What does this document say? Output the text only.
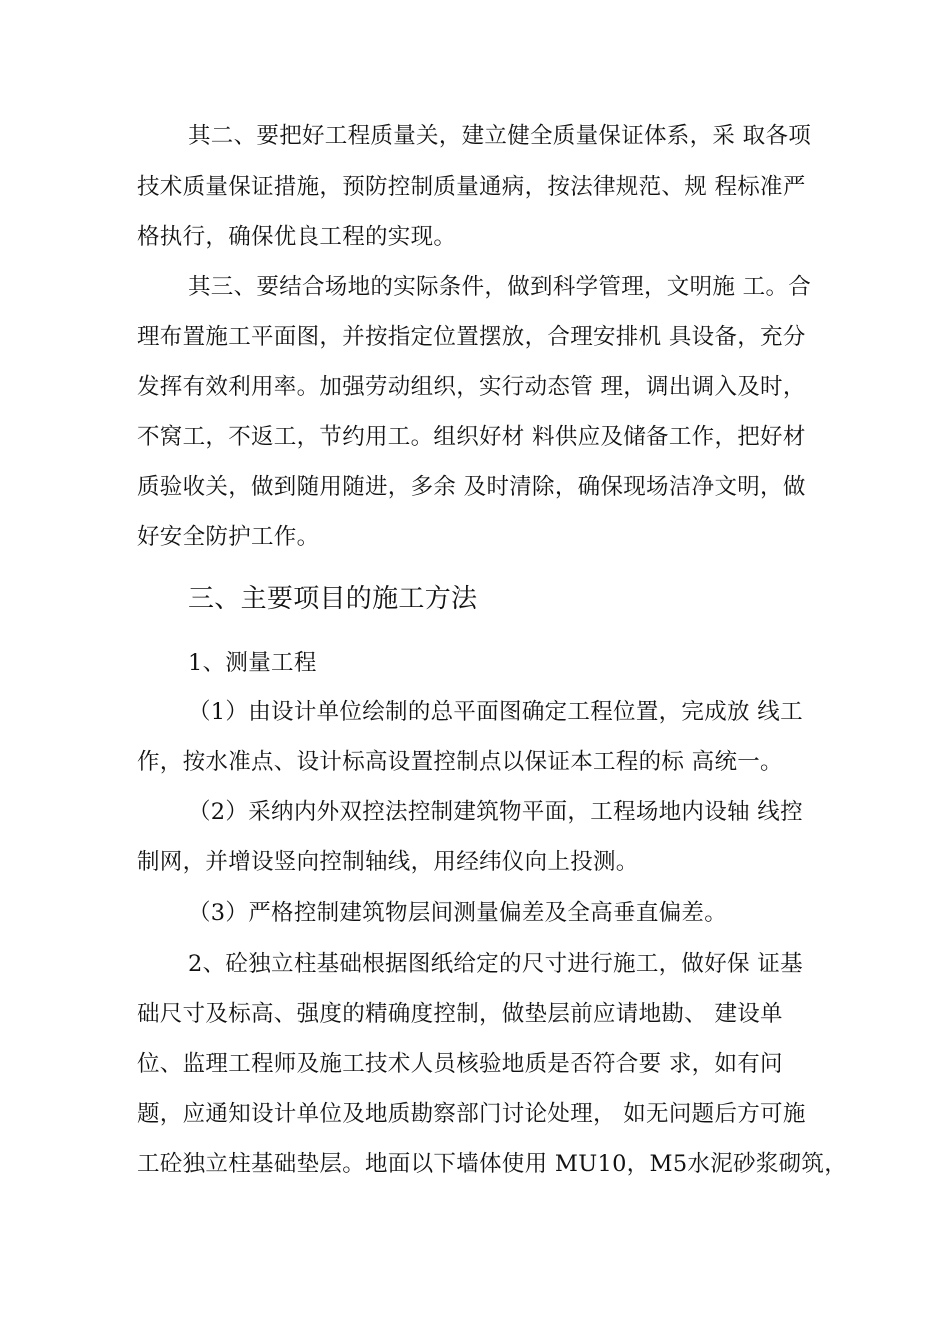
其二、要把好工程质量关，建立健全质量保证体系，采 取各项
技术质量保证措施，预防控制质量通病，按法律规范、规 程标准严
格执行，确保优良工程的实现。
其三、要结合场地的实际条件，做到科学管理，文明施 工。合
理布置施工平面图，并按指定位置摆放，合理安排机 具设备，充分
发挥有效利用率。加强劳动组织，实行动态管 理，调出调入及时，
不窝工，不返工，节约用工。组织好材 料供应及储备工作，把好材
质验收关，做到随用随进，多余 及时清除，确保现场洁净文明，做
好安全防护工作。
三、主要项目的施工方法
1、测量工程
（1）由设计单位绘制的总平面图确定工程位置，完成放 线工
作，按水准点、设计标高设置控制点以保证本工程的标 高统一。
（2）采纳内外双控法控制建筑物平面，工程场地内设轴 线控
制网，并增设竖向控制轴线，用经纬仪向上投测。
（3）严格控制建筑物层间测量偏差及全高垂直偏差。
2、砼独立柱基础根据图纸给定的尺寸进行施工，做好保 证基
础尺寸及标高、强度的精确度控制，做垫层前应请地勘、 建设单
位、监理工程师及施工技术人员核验地质是否符合要 求，如有问
题，应通知设计单位及地质勘察部门讨论处理， 如无问题后方可施
工砼独立柱基础垫层。地面以下墙体使用 MU10，M5水泥砂浆砌筑，
